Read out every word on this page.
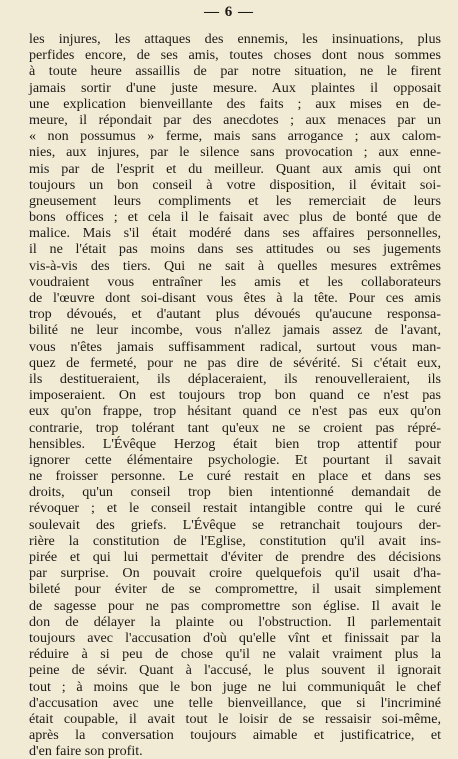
— 6 —
les injures, les attaques des ennemis, les insinuations, plus
perfides encore, de ses amis, toutes choses dont nous sommes
à toute heure assaillis de par notre situation, ne le firent
jamais sortir d'une juste mesure. Aux plaintes il opposait
une explication bienveillante des faits ; aux mises en de-
meure, il répondait par des anecdotes ; aux menaces par un
« non possumus » ferme, mais sans arrogance ; aux calom-
nies, aux injures, par le silence sans provocation ; aux enne-
mis par de l'esprit et du meilleur. Quant aux amis qui ont
toujours un bon conseil à votre disposition, il évitait soi-
gneusement leurs compliments et les remerciait de leurs
bons offices ; et cela il le faisait avec plus de bonté que de
malice. Mais s'il était modéré dans ses affaires personnelles,
il ne l'était pas moins dans ses attitudes ou ses jugements
vis-à-vis des tiers. Qui ne sait à quelles mesures extrêmes
voudraient vous entraîner les amis et les collaborateurs
de l'œuvre dont soi-disant vous êtes à la tête. Pour ces amis
trop dévoués, et d'autant plus dévoués qu'aucune responsa-
bilité ne leur incombe, vous n'allez jamais assez de l'avant,
vous n'êtes jamais suffisamment radical, surtout vous man-
quez de fermeté, pour ne pas dire de sévérité. Si c'était eux,
ils destitueraient, ils déplaceraient, ils renouvelleraient, ils
imposeraient. On est toujours trop bon quand ce n'est pas
eux qu'on frappe, trop hésitant quand ce n'est pas eux qu'on
contrarie, trop tolérant tant qu'eux ne se croient pas répré-
hensibles. L'Évêque Herzog était bien trop attentif pour
ignorer cette élémentaire psychologie. Et pourtant il savait
ne froisser personne. Le curé restait en place et dans ses
droits, qu'un conseil trop bien intentionné demandait de
révoquer ; et le conseil restait intangible contre qui le curé
soulevait des griefs. L'Évêque se retranchait toujours der-
rière la constitution de l'Eglise, constitution qu'il avait ins-
pirée et qui lui permettait d'éviter de prendre des décisions
par surprise. On pouvait croire quelquefois qu'il usait d'ha-
bileté pour éviter de se compromettre, il usait simplement
de sagesse pour ne pas compromettre son église. Il avait le
don de délayer la plainte ou l'obstruction. Il parlementait
toujours avec l'accusation d'où qu'elle vînt et finissait par la
réduire à si peu de chose qu'il ne valait vraiment plus la
peine de sévir. Quant à l'accusé, le plus souvent il ignorait
tout ; à moins que le bon juge ne lui communiquât le chef
d'accusation avec une telle bienveillance, que si l'incriminé
était coupable, il avait tout le loisir de se ressaisir soi-même,
après la conversation toujours aimable et justificatrice, et
d'en faire son profit.
